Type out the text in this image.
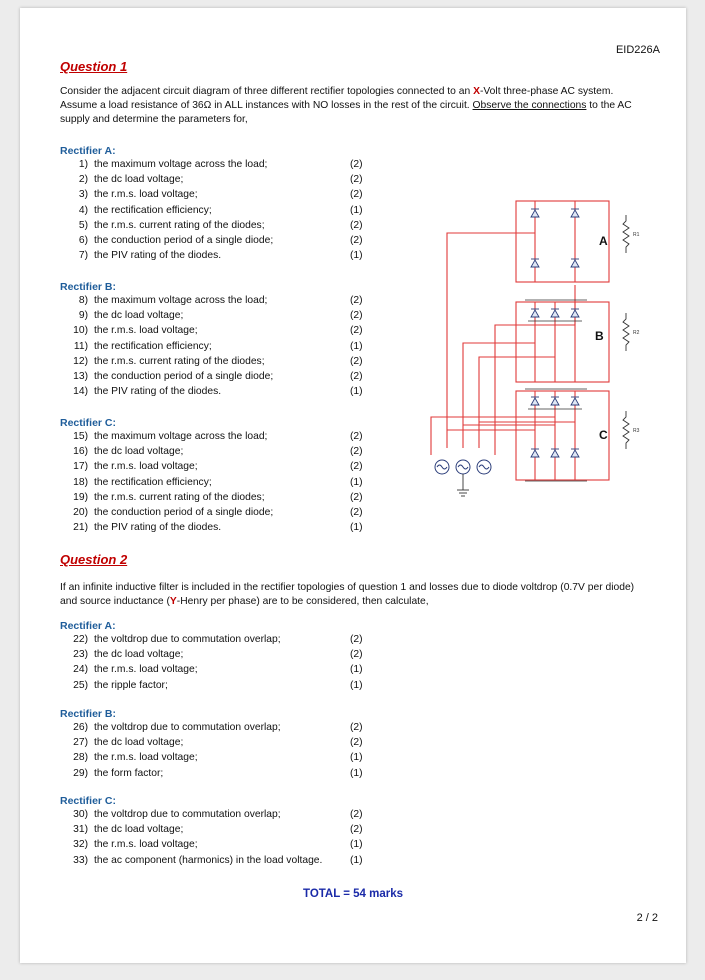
EID226A
Question 1
Consider the adjacent circuit diagram of three different rectifier topologies connected to an X-Volt three-phase AC system. Assume a load resistance of 36Ω in ALL instances with NO losses in the rest of the circuit. Observe the connections to the AC supply and determine the parameters for,
Rectifier A:
1) the maximum voltage across the load;	(2)
2) the dc load voltage;	(2)
3) the r.m.s. load voltage;	(2)
4) the rectification efficiency;	(1)
5) the r.m.s. current rating of the diodes;	(2)
6) the conduction period of a single diode;	(2)
7) the PIV rating of the diodes.	(1)
Rectifier B:
8) the maximum voltage across the load;	(2)
9) the dc load voltage;	(2)
10) the r.m.s. load voltage;	(2)
11) the rectification efficiency;	(1)
12) the r.m.s. current rating of the diodes;	(2)
13) the conduction period of a single diode;	(2)
14) the PIV rating of the diodes.	(1)
Rectifier C:
15) the maximum voltage across the load;	(2)
16) the dc load voltage;	(2)
17) the r.m.s. load voltage;	(2)
18) the rectification efficiency;	(1)
19) the r.m.s. current rating of the diodes;	(2)
20) the conduction period of a single diode;	(2)
21) the PIV rating of the diodes.	(1)
A
B
C
R1
R2
R3
Question 2
If an infinite inductive filter is included in the rectifier topologies of question 1 and losses due to diode voltdrop (0.7V per diode) and source inductance (Y-Henry per phase) are to be considered, then calculate,
Rectifier A:
22) the voltdrop due to commutation overlap;	(2)
23) the dc load voltage;	(2)
24) the r.m.s. load voltage;	(1)
25) the ripple factor;	(1)
Rectifier B:
26) the voltdrop due to commutation overlap;	(2)
27) the dc load voltage;	(2)
28) the r.m.s. load voltage;	(1)
29) the form factor;	(1)
Rectifier C:
30) the voltdrop due to commutation overlap;	(2)
31) the dc load voltage;	(2)
32) the r.m.s. load voltage;	(1)
33) the ac component (harmonics) in the load voltage.	(1)
TOTAL = 54 marks
2 / 2
